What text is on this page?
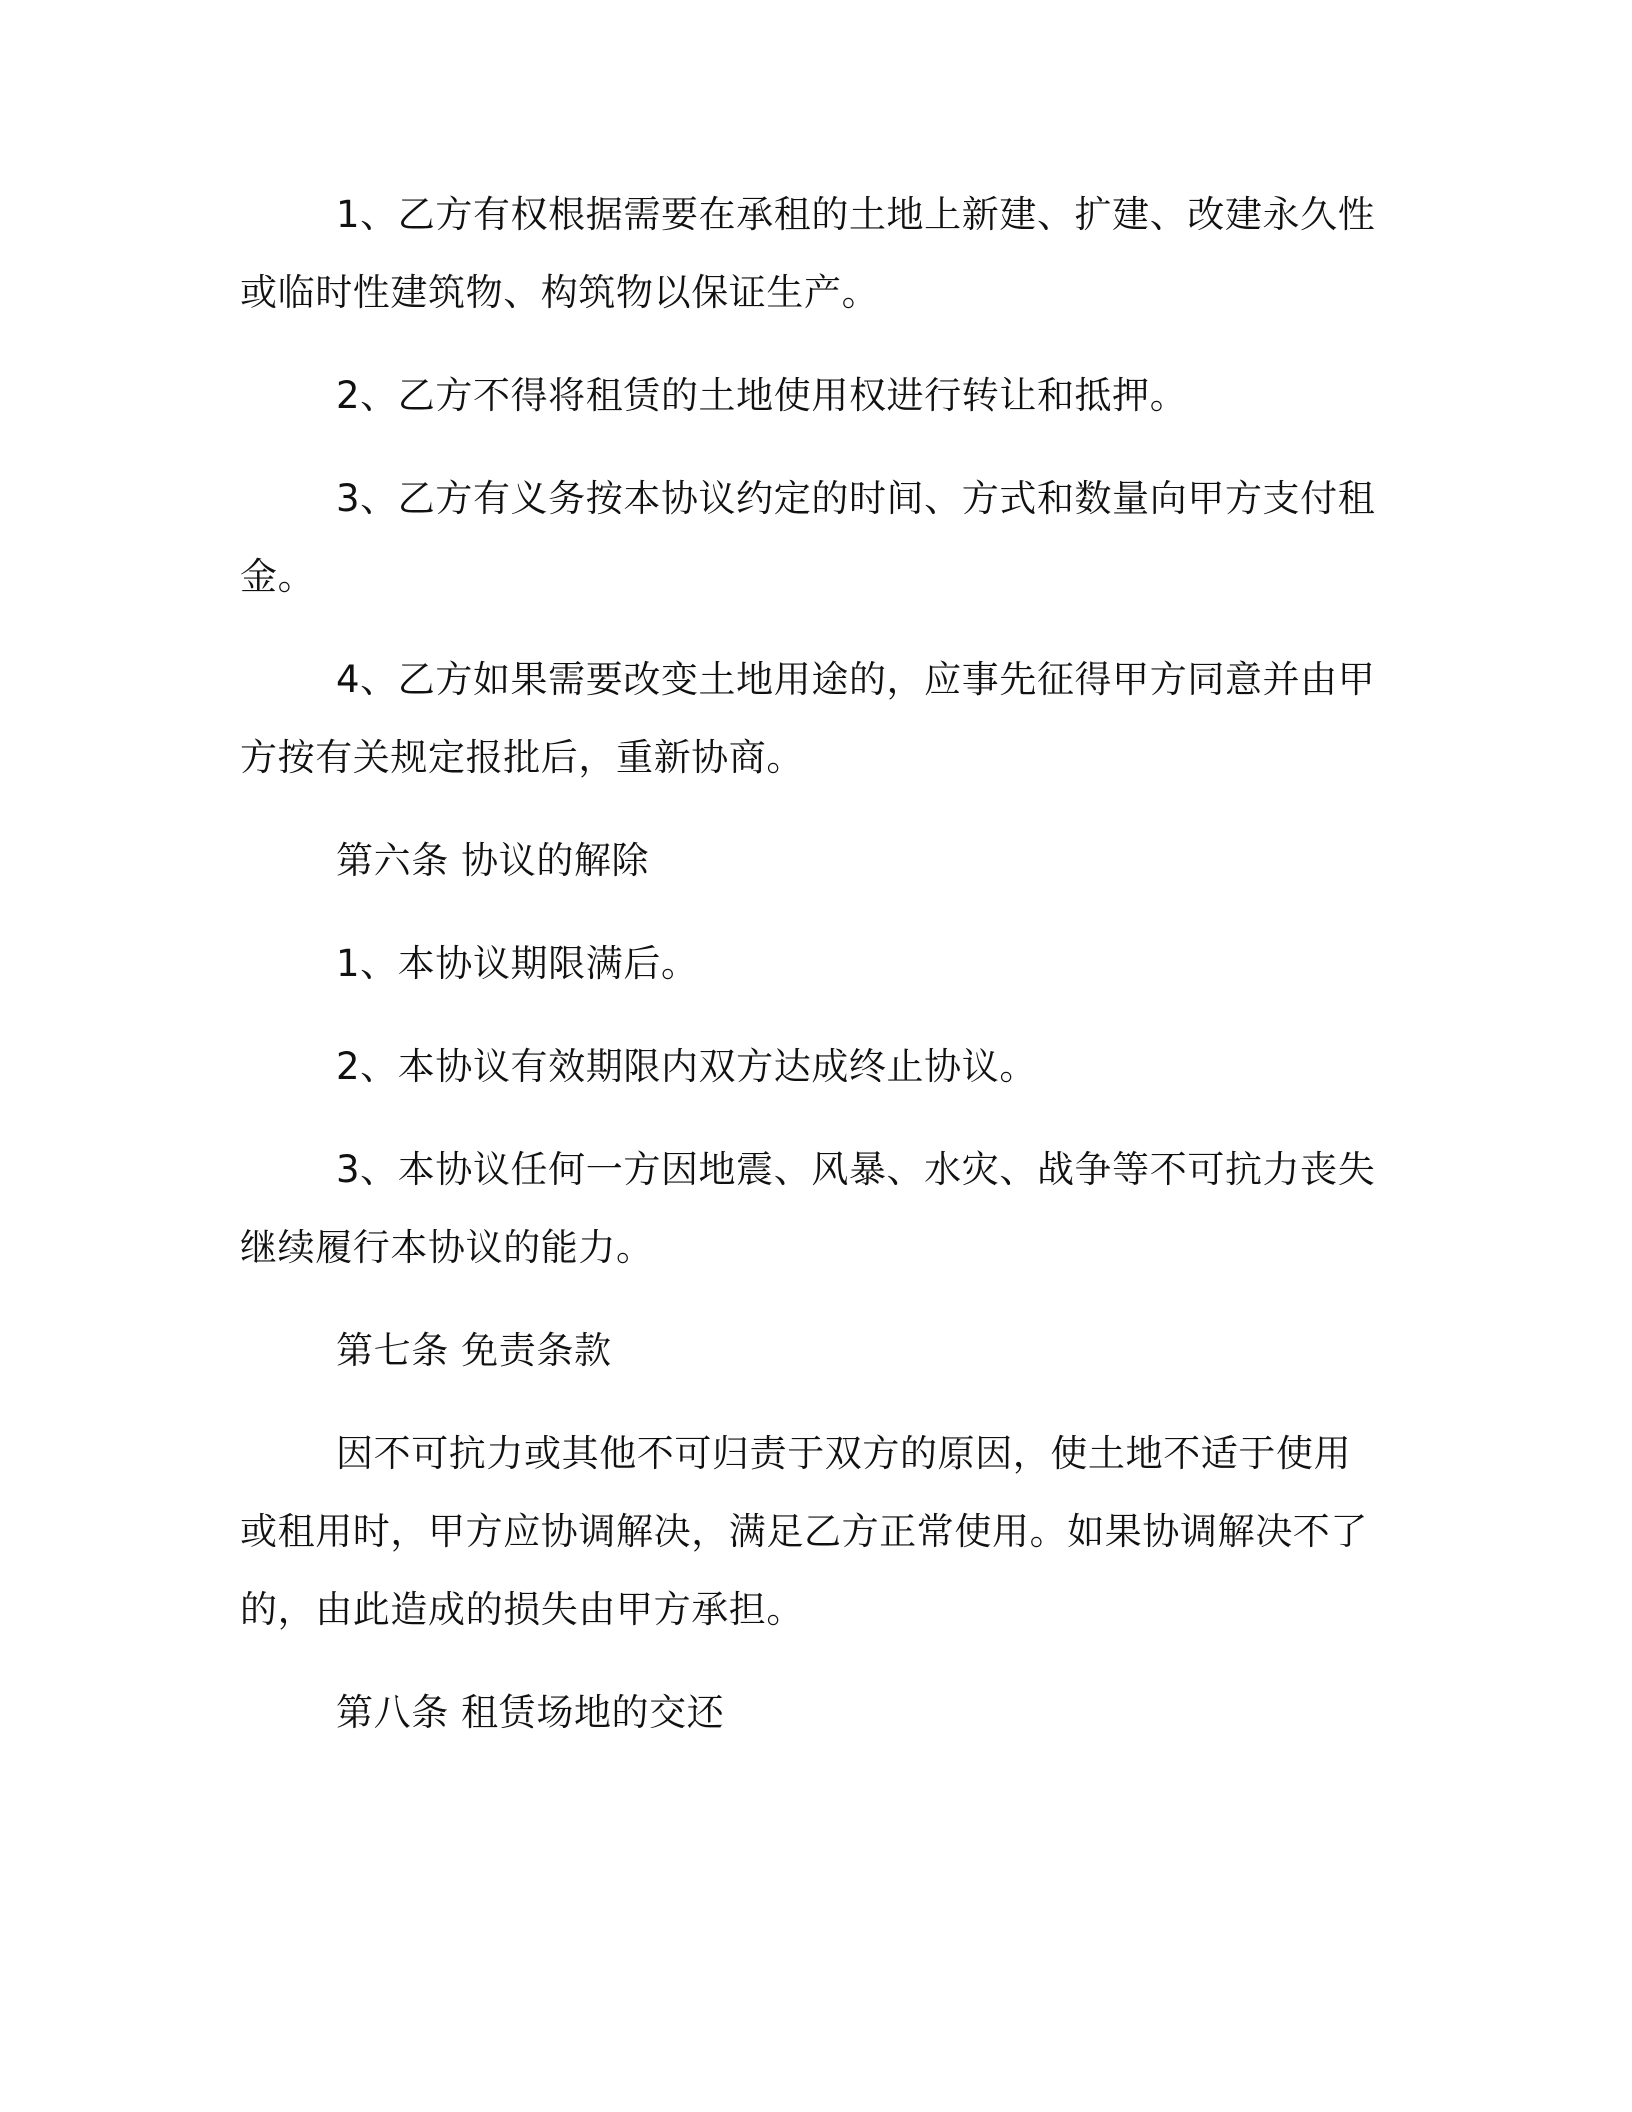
1、乙方有权根据需要在承租的土地上新建、扩建、改建永久性或临时性建筑物、构筑物以保证生产。

2、乙方不得将租赁的土地使用权进行转让和抵押。

3、乙方有义务按本协议约定的时间、方式和数量向甲方支付租金。

4、乙方如果需要改变土地用途的，应事先征得甲方同意并由甲方按有关规定报批后，重新协商。

第六条 协议的解除

1、本协议期限满后。

2、本协议有效期限内双方达成终止协议。

3、本协议任何一方因地震、风暴、水灾、战争等不可抗力丧失继续履行本协议的能力。

第七条 免责条款

因不可抗力或其他不可归责于双方的原因，使土地不适于使用或租用时，甲方应协调解决，满足乙方正常使用。如果协调解决不了的，由此造成的损失由甲方承担。

第八条 租赁场地的交还
